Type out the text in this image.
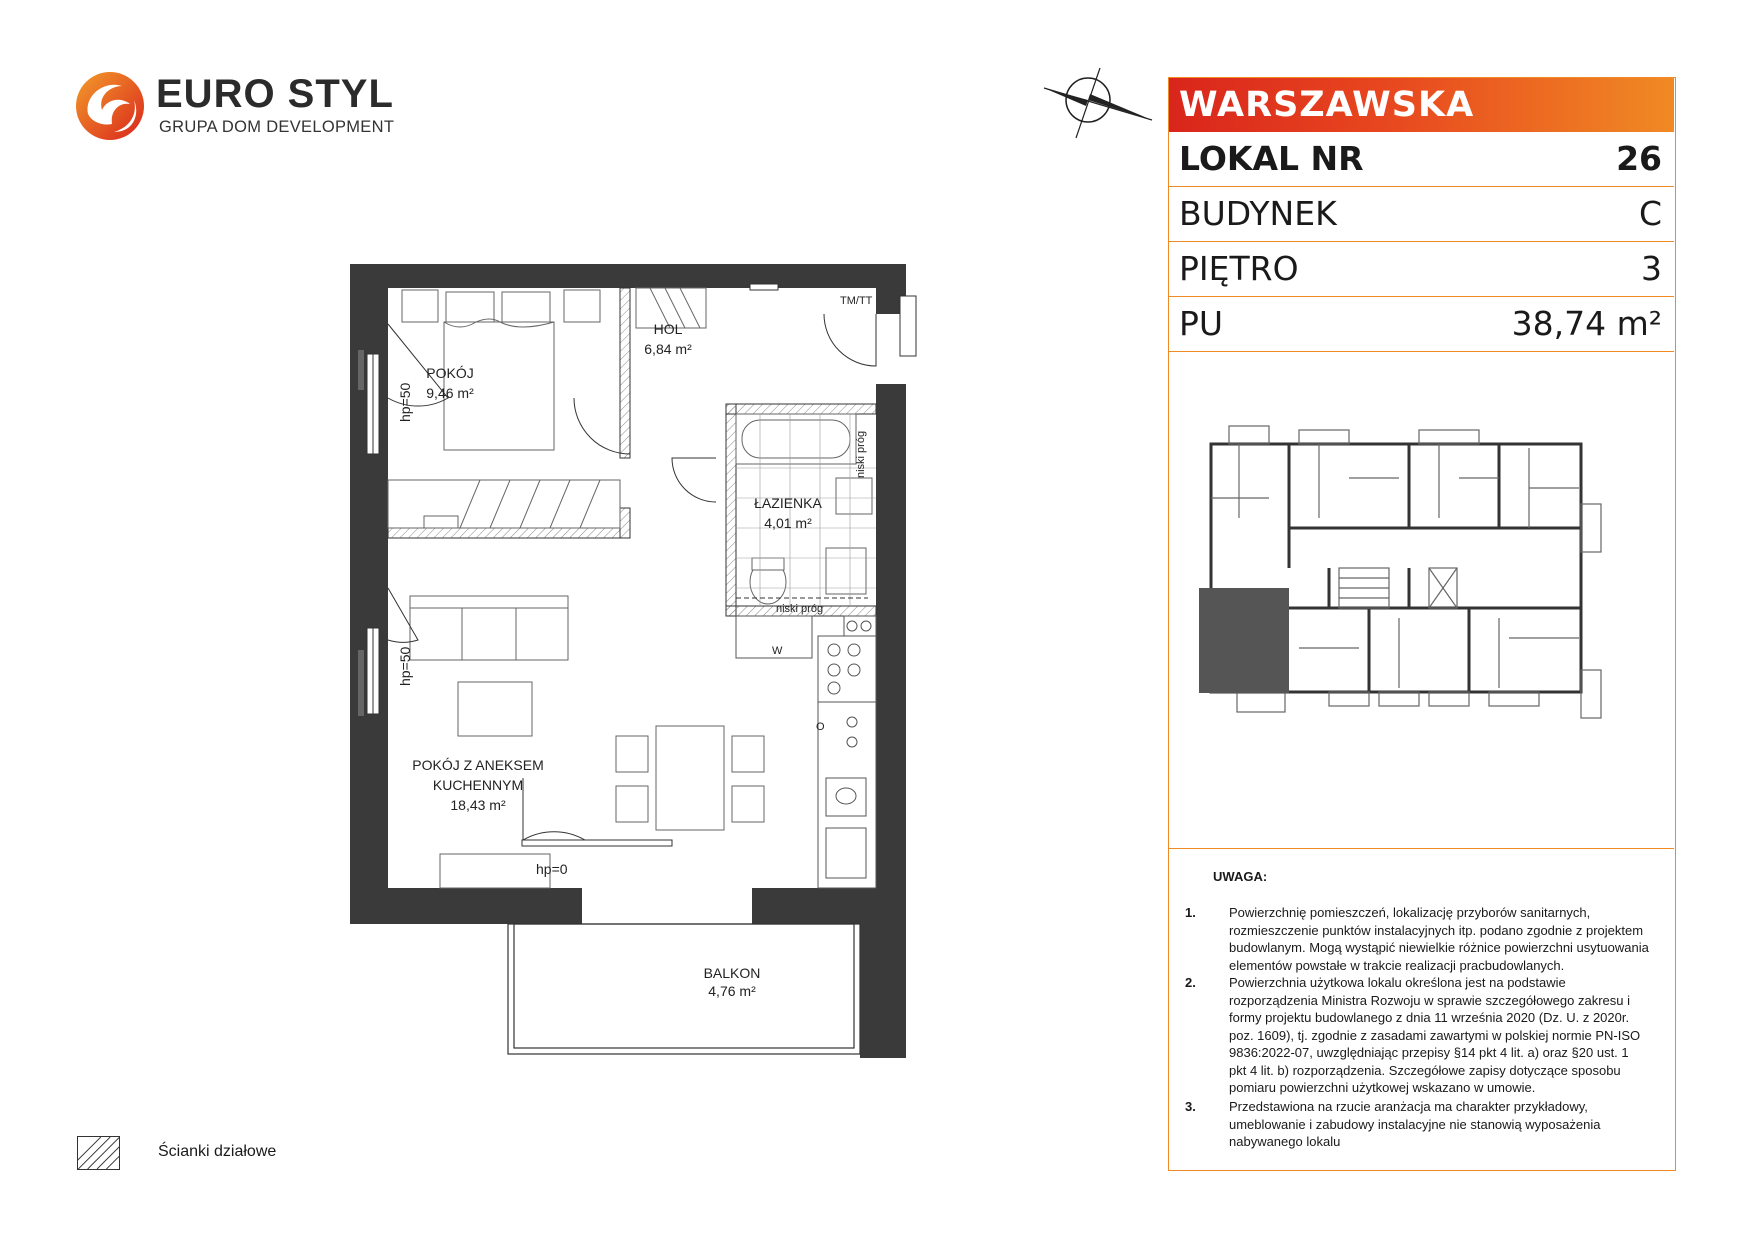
EURO STYL
GRUPA DOM DEVELOPMENT
WARSZAWSKA
LOKAL NR	26
BUDYNEK	C
PIĘTRO	3
PU	38,74 m²
UWAGA:
1.	Powierzchnię pomieszczeń, lokalizację przyborów sanitarnych, rozmieszczenie punktów instalacyjnych itp. podano zgodnie z projektem budowlanym. Mogą wystąpić niewielkie różnice powierzchni usytuowania elementów powstałe w trakcie realizacji pracbudowlanych.
2.	Powierzchnia użytkowa lokalu określona jest na podstawie rozporządzenia Ministra Rozwoju w sprawie szczegółowego zakresu i formy projektu budowlanego z dnia 11 września 2020 (Dz. U. z 2020r. poz. 1609), tj. zgodnie z zasadami zawartymi w polskiej normie PN-ISO 9836:2022-07, uwzględniając przepisy §14 pkt 4 lit. a) oraz §20 ust. 1 pkt 4 lit. b) rozporządzenia. Szczegółowe zapisy dotyczące sposobu pomiaru powierzchni użytkowej wskazano w umowie.
3.	Przedstawiona na rzucie aranżacja ma charakter przykładowy, umeblowanie i zabudowy instalacyjne nie stanowią wyposażenia nabywanego lokalu
POKÓJ
9,46 m²
HOL
6,84 m²
ŁAZIENKA
4,01 m²
POKÓJ Z ANEKSEM
KUCHENNYM
18,43 m²
BALKON
4,76 m²
TM/TT
niski próg
niski próg
W
O
hp=50
hp=50
hp=0
Ścianki działowe
